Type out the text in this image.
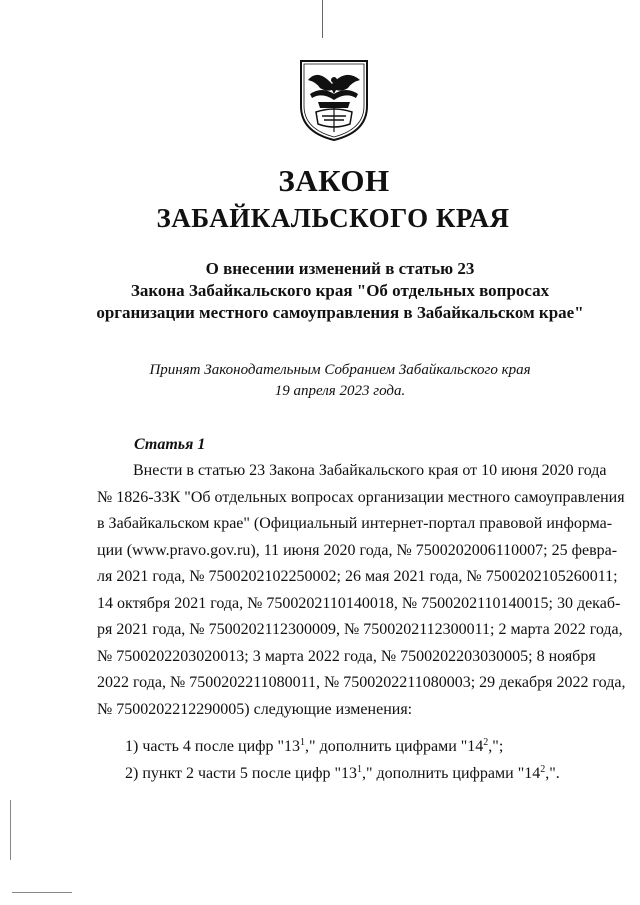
ЗАКОН
ЗАБАЙКАЛЬСКОГО КРАЯ
О внесении изменений в статью 23
Закона Забайкальского края "Об отдельных вопросах
организации местного самоуправления в Забайкальском крае"
Принят Законодательным Собранием Забайкальского края
19 апреля 2023 года.
Статья 1
Внести в статью 23 Закона Забайкальского края от 10 июня 2020 года
№ 1826-ЗЗК "Об отдельных вопросах организации местного самоуправления
в Забайкальском крае" (Официальный интернет-портал правовой информа-
ции (www.pravo.gov.ru), 11 июня 2020 года, № 7500202006110007; 25 февра-
ля 2021 года, № 7500202102250002; 26 мая 2021 года, № 7500202105260011;
14 октября 2021 года, № 7500202110140018, № 7500202110140015; 30 декаб-
ря 2021 года, № 7500202112300009, № 7500202112300011; 2 марта 2022 года,
№ 7500202203020013; 3 марта 2022 года, № 7500202203030005; 8 ноября
2022 года, № 7500202211080011, № 7500202211080003; 29 декабря 2022 года,
№ 7500202212290005) следующие изменения:
1) часть 4 после цифр "$13^1$," дополнить цифрами "$14^2$,";
2) пункт 2 части 5 после цифр "$13^1$," дополнить цифрами "$14^2$,".
